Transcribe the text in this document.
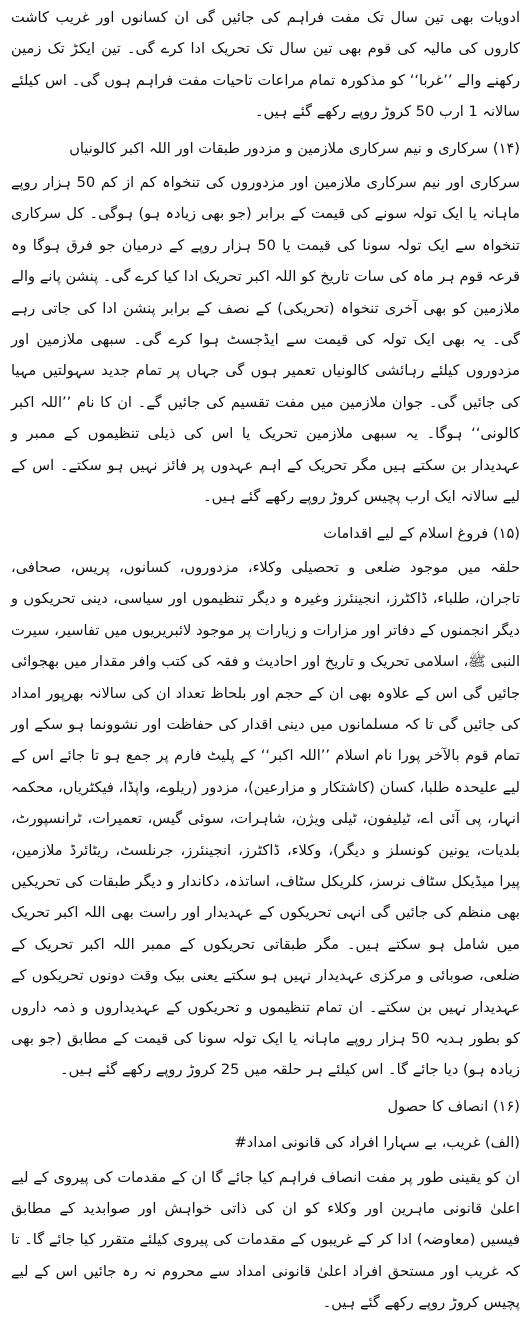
ادویات بھی تین سال تک مفت فراہم کی جائیں گی ان کسانوں اور غریب کاشت کاروں کی مالیہ کی قوم بھی تین سال تک تحریک ادا کرے گی۔ تین ایکڑ تک زمین رکھنے والے ’’غربا‘‘ کو مذکورہ تمام مراعات تاحیات مفت فراہم ہوں گی۔ اس کیلئے سالانہ 1 ارب 50 کروڑ روپے رکھے گئے ہیں۔

(۱۴) سرکاری و نیم سرکاری ملازمین و مزدور طبقات اور اللہ اکبر کالونیاں

سرکاری اور نیم سرکاری ملازمین اور مزدوروں کی تنخواہ کم از کم 50 ہزار روپے ماہانہ یا ایک تولہ سونے کی قیمت کے برابر (جو بھی زیادہ ہو) ہوگی۔ کل سرکاری تنخواہ سے ایک تولہ سونا کی قیمت یا 50 ہزار روپے کے درمیان جو فرق ہوگا وہ قرعہ قوم ہر ماہ کی سات تاریخ کو اللہ اکبر تحریک ادا کیا کرے گی۔ پنشن پانے والے ملازمین کو بھی آخری تنخواہ (تحریکی) کے نصف کے برابر پنشن ادا کی جاتی رہے گی۔ یہ بھی ایک تولہ کی قیمت سے ایڈجسٹ ہوا کرے گی۔ سبھی ملازمین اور مزدوروں کیلئے رہائشی کالونیاں تعمیر ہوں گی جہاں پر تمام جدید سہولتیں مہیا کی جائیں گی۔ جوان ملازمین میں مفت تقسیم کی جائیں گے۔ ان کا نام ’’اللہ اکبر کالونی‘‘ ہوگا۔ یہ سبھی ملازمین تحریک یا اس کی ذیلی تنظیموں کے ممبر و عہدیدار بن سکتے ہیں مگر تحریک کے اہم عہدوں پر فائز نہیں ہو سکتے۔ اس کے لیے سالانہ ایک ارب پچیس کروڑ روپے رکھے گئے ہیں۔

(۱۵) فروغ اسلام کے لیے اقدامات

حلقہ میں موجود ضلعی و تحصیلی وکلاء، مزدوروں، کسانوں، پریس، صحافی، تاجران، طلباء، ڈاکٹرز، انجینئرز وغیرہ و دیگر تنظیموں اور سیاسی، دینی تحریکوں و دیگر انجمنوں کے دفاتر اور مزارات و زیارات پر موجود لائبریریوں میں تفاسیر، سیرت النبی ﷺ، اسلامی تحریک و تاریخ اور احادیث و فقہ کی کتب وافر مقدار میں بھجوائی جائیں گی اس کے علاوہ بھی ان کے حجم اور بلحاظ تعداد ان کی سالانہ بھرپور امداد کی جائیں گی تا کہ مسلمانوں میں دینی اقدار کی حفاظت اور نشوونما ہو سکے اور تمام قوم بالآخر پورا نام اسلام ’’اللہ اکبر‘‘ کے پلیٹ فارم پر جمع ہو تا جائے اس کے لیے علیحدہ طلبا، کسان (کاشتکار و مزارعین)، مزدور (ریلوے، واپڈا، فیکٹریاں، محکمہ انہار، پی آئی اے، ٹیلیفون، ٹیلی ویژن، شاہرات، سوئی گیس، تعمیرات، ٹرانسپورٹ، بلدیات، یونین کونسلز و دیگر)، وکلاء، ڈاکٹرز، انجینئرز، جرنلسٹ، ریٹائرڈ ملازمین، پیرا میڈیکل سٹاف نرسز، کلریکل سٹاف، اساتذہ، دکاندار و دیگر طبقات کی تحریکیں بھی منظم کی جائیں گی انہی تحریکوں کے عہدیدار اور راست بھی اللہ اکبر تحریک میں شامل ہو سکتے ہیں۔ مگر طبقاتی تحریکوں کے ممبر اللہ اکبر تحریک کے ضلعی، صوبائی و مرکزی عہدیدار نہیں ہو سکتے یعنی بیک وقت دونوں تحریکوں کے عہدیدار نہیں بن سکتے۔ ان تمام تنظیموں و تحریکوں کے عہدیداروں و ذمہ داروں کو بطور ہدیہ 50 ہزار روپے ماہانہ یا ایک تولہ سونا کی قیمت کے مطابق (جو بھی زیادہ ہو) دیا جائے گا۔ اس کیلئے ہر حلقہ میں 25 کروڑ روپے رکھے گئے ہیں۔

(۱۶) انصاف کا حصول

(الف) غریب، بے سہارا افراد کی قانونی امداد#

ان کو یقینی طور پر مفت انصاف فراہم کیا جائے گا ان کے مقدمات کی پیروی کے لیے اعلیٰ قانونی ماہرین اور وکلاء کو ان کی ذاتی خواہش اور صوابدید کے مطابق فیسیں (معاوضہ) ادا کر کے غریبوں کے مقدمات کی پیروی کیلئے متقرر کیا جائے گا۔ تا کہ غریب اور مستحق افراد اعلیٰ قانونی امداد سے محروم نہ رہ جائیں اس کے لیے پچیس کروڑ روپے رکھے گئے ہیں۔
